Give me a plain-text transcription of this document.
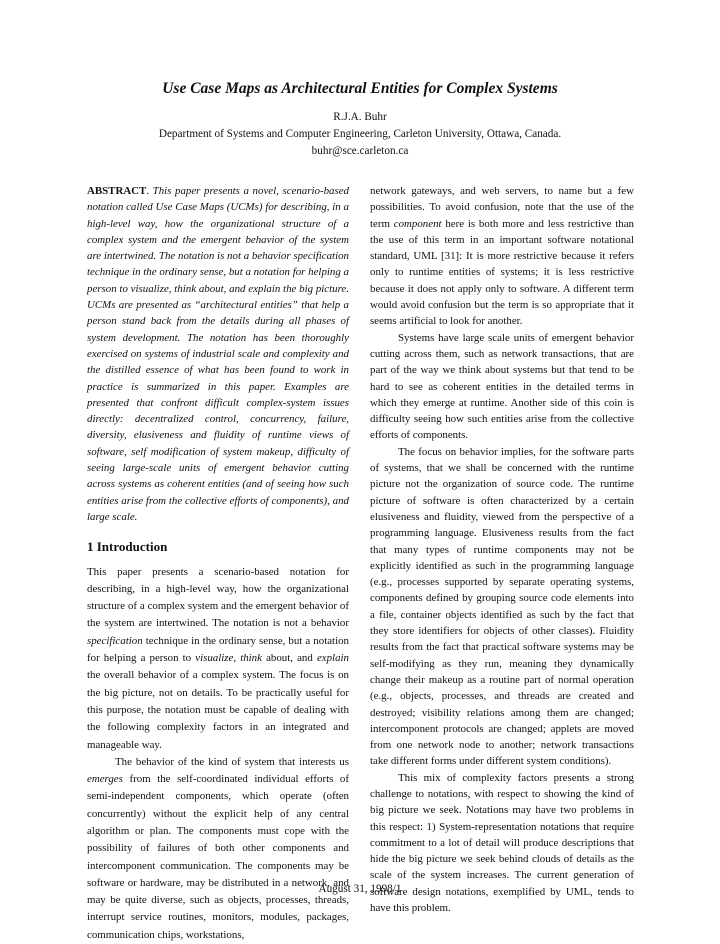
Use Case Maps as Architectural Entities for Complex Systems
R.J.A. Buhr
Department of Systems and Computer Engineering, Carleton University, Ottawa, Canada.
buhr@sce.carleton.ca

ABSTRACT. This paper presents a novel, scenario-based notation called Use Case Maps (UCMs) for describing, in a high-level way, how the organizational structure of a complex system and the emergent behavior of the system are intertwined. The notation is not a behavior specification technique in the ordinary sense, but a notation for helping a person to visualize, think about, and explain the big picture. UCMs are presented as “architectural entities” that help a person stand back from the details during all phases of system development. The notation has been thoroughly exercised on systems of industrial scale and complexity and the distilled essence of what has been found to work in practice is summarized in this paper. Examples are presented that confront difficult complex-system issues directly: decentralized control, concurrency, failure, diversity, elusiveness and fluidity of runtime views of software, self modification of system makeup, difficulty of seeing large-scale units of emergent behavior cutting across systems as coherent entities (and of seeing how such entities arise from the collective efforts of components), and large scale.

1 Introduction

This paper presents a scenario-based notation for describing, in a high-level way, how the organizational structure of a complex system and the emergent behavior of the system are intertwined. The notation is not a behavior specification technique in the ordinary sense, but a notation for helping a person to visualize, think about, and explain the overall behavior of a complex system. The focus is on the big picture, not on details. To be practically useful for this purpose, the notation must be capable of dealing with the following complexity factors in an integrated and manageable way.

The behavior of the kind of system that interests us emerges from the self-coordinated individual efforts of semi-independent components, which operate (often concurrently) without the explicit help of any central algorithm or plan. The components must cope with the possibility of failures of both other components and intercomponent communication. The components may be software or hardware, may be distributed in a network, and may be quite diverse, such as objects, processes, threads, interrupt service routines, monitors, modules, packages, communication chips, workstations,

network gateways, and web servers, to name but a few possibilities. To avoid confusion, note that the use of the term component here is both more and less restrictive than the use of this term in an important software notational standard, UML [31]: It is more restrictive because it refers only to runtime entities of systems; it is less restrictive because it does not apply only to software. A different term would avoid confusion but the term is so appropriate that it seems artificial to look for another.

Systems have large scale units of emergent behavior cutting across them, such as network transactions, that are part of the way we think about systems but that tend to be hard to see as coherent entities in the detailed terms in which they emerge at runtime. Another side of this coin is difficulty seeing how such entities arise from the collective efforts of components.

The focus on behavior implies, for the software parts of systems, that we shall be concerned with the runtime picture not the organization of source code. The runtime picture of software is often characterized by a certain elusiveness and fluidity, viewed from the perspective of a programming language. Elusiveness results from the fact that many types of runtime components may not be explicitly identified as such in the programming language (e.g., processes supported by separate operating systems, components defined by grouping source code elements into a file, container objects identified as such by the fact that they store identifiers for objects of other classes). Fluidity results from the fact that practical software systems may be self-modifying as they run, meaning they dynamically change their makeup as a routine part of normal operation (e.g., objects, processes, and threads are created and destroyed; visibility relations among them are changed; intercomponent protocols are changed; applets are moved from one network node to another; network transactions take different forms under different system conditions).

This mix of complexity factors presents a strong challenge to notations, with respect to showing the kind of big picture we seek. Notations may have two problems in this respect: 1) System-representation notations that require commitment to a lot of detail will produce descriptions that hide the big picture we seek behind clouds of details as the scale of the system increases. The current generation of software design notations, exemplified by UML, tends to have this problem.

August 31, 1998/1
